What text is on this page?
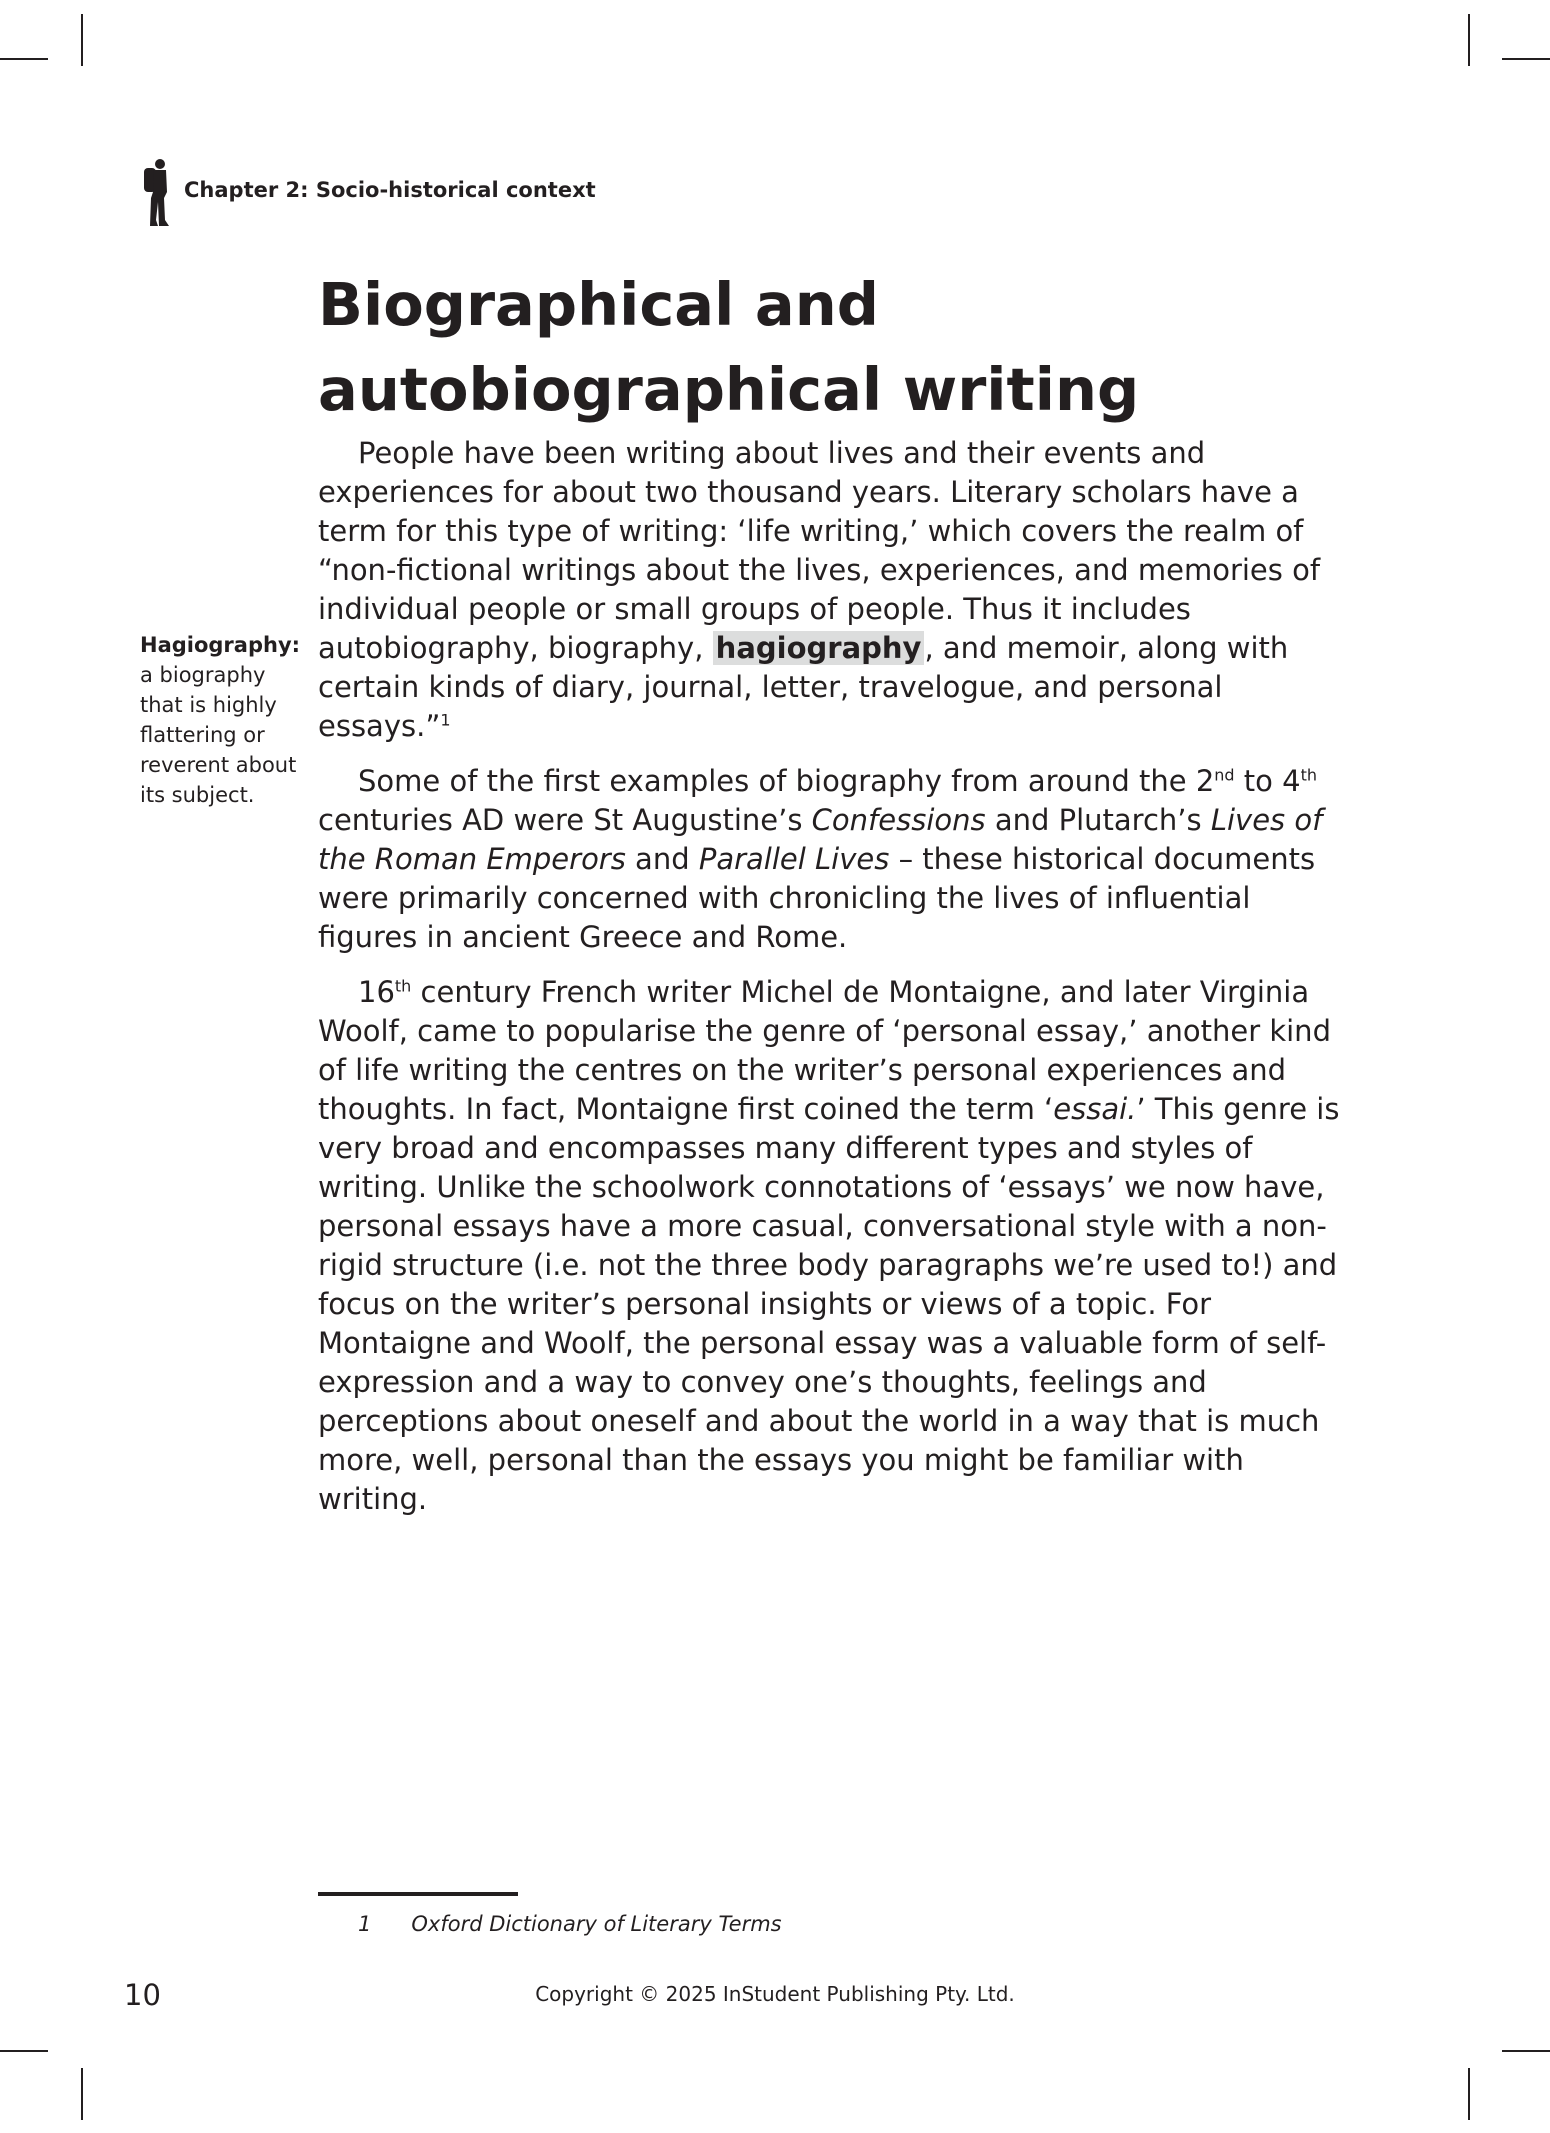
Chapter 2: Socio-historical context
Biographical and
autobiographical writing
Hagiography:
a biography that is highly flattering or reverent about its subject.

People have been writing about lives and their events and experiences for about two thousand years. Literary scholars have a term for this type of writing: ‘life writing,’ which covers the realm of “non-fictional writings about the lives, experiences, and memories of individual people or small groups of people. Thus it includes autobiography, biography, hagiography , and memoir, along with certain kinds of diary, journal, letter, travelogue, and personal essays.”$^1$

Some of the first examples of biography from around the 2nd to 4th centuries AD were St Augustine’s Confessions and Plutarch’s Lives of the Roman Emperors and Parallel Lives – these historical documents were primarily concerned with chronicling the lives of influential figures in ancient Greece and Rome.

16th century French writer Michel de Montaigne, and later Virginia Woolf, came to popularise the genre of ‘personal essay,’ another kind of life writing the centres on the writer’s personal experiences and thoughts. In fact, Montaigne first coined the term ‘essai.’ This genre is very broad and encompasses many different types and styles of writing. Unlike the schoolwork connotations of ‘essays’ we now have, personal essays have a more casual, conversational style with a non-rigid structure (i.e. not the three body paragraphs we’re used to!) and focus on the writer’s personal insights or views of a topic. For Montaigne and Woolf, the personal essay was a valuable form of self-expression and a way to convey one’s thoughts, feelings and perceptions about oneself and about the world in a way that is much more, well, personal than the essays you might be familiar with writing.

1 Oxford Dictionary of Literary Terms
10	Copyright © 2025 InStudent Publishing Pty. Ltd.
